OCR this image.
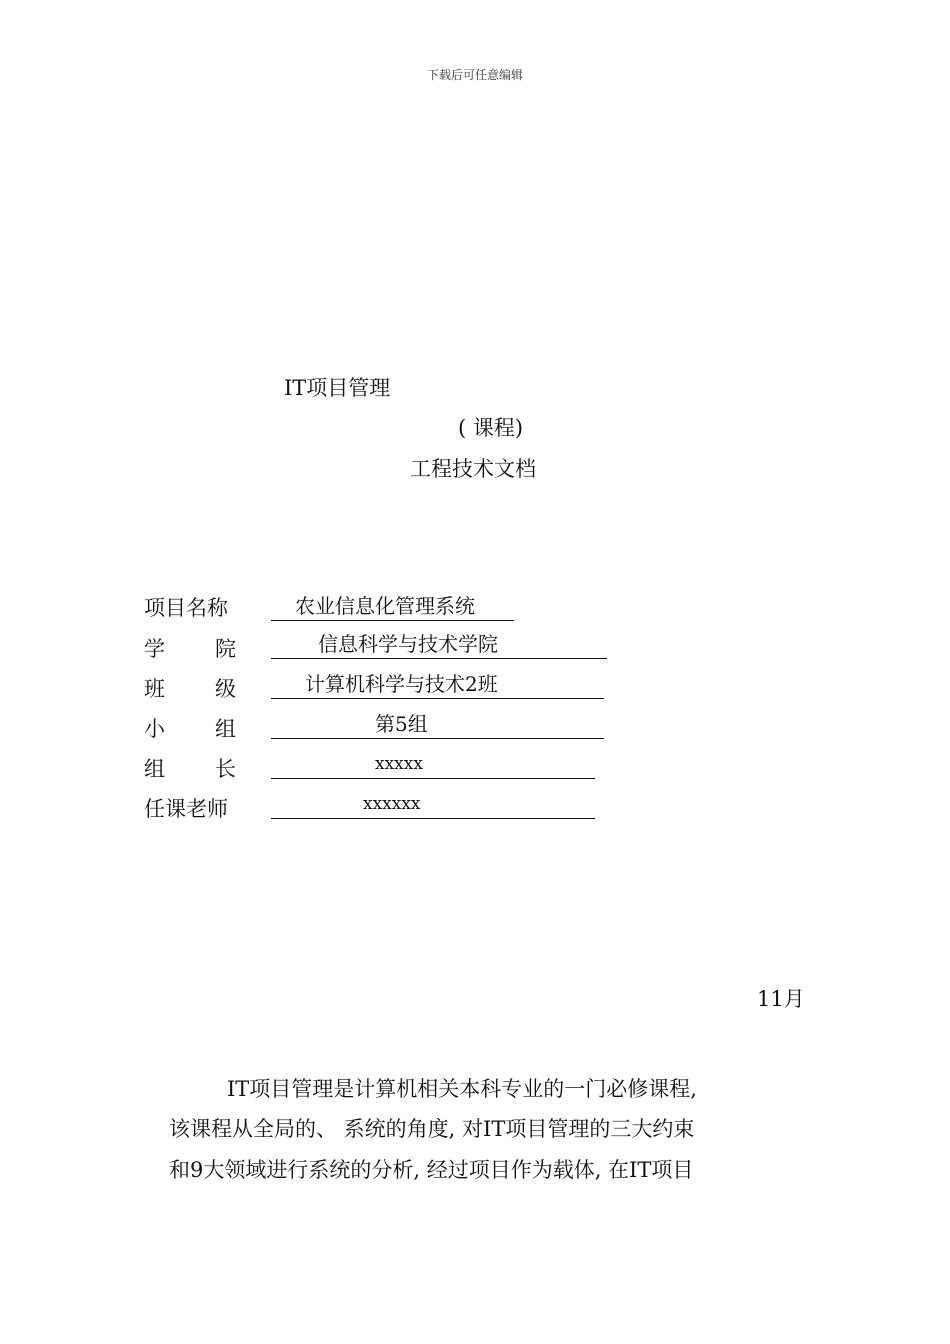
下载后可任意编辑
IT项目管理
( 课程)
工程技术文档
项目名称	农业信息化管理系统
学　院	信息科学与技术学院
班　级	计算机科学与技术2班
小　组	第5组
组　长	xxxxx
任课老师	xxxxxx
11月
IT项目管理是计算机相关本科专业的一门必修课程,
该课程从全局的、 系统的角度, 对IT项目管理的三大约束
和9大领域进行系统的分析, 经过项目作为载体, 在IT项目
